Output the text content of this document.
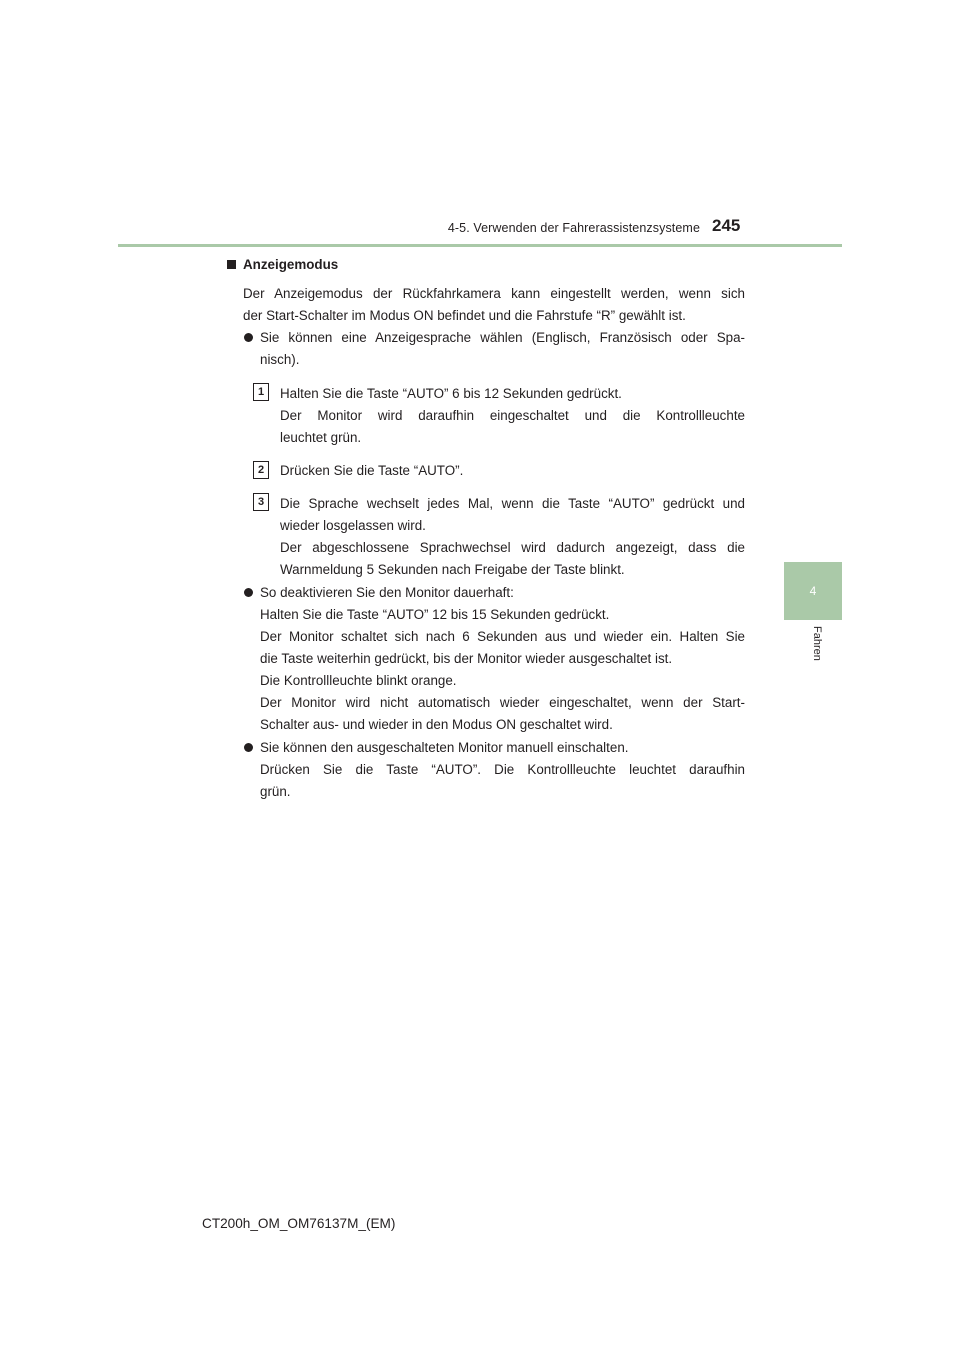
4-5. Verwenden der Fahrerassistenzsysteme 245
4
Fahren
Anzeigemodus
Der Anzeigemodus der Rückfahrkamera kann eingestellt werden, wenn sich
der Start-Schalter im Modus ON befindet und die Fahrstufe “R” gewählt ist.
Sie können eine Anzeigesprache wählen (Englisch, Französisch oder Spa-
nisch).
1	Halten Sie die Taste “AUTO” 6 bis 12 Sekunden gedrückt.
Der Monitor wird daraufhin eingeschaltet und die Kontrollleuchte
leuchtet grün.
2	Drücken Sie die Taste “AUTO”.
3	Die Sprache wechselt jedes Mal, wenn die Taste “AUTO” gedrückt und
wieder losgelassen wird.
Der abgeschlossene Sprachwechsel wird dadurch angezeigt, dass die
Warnmeldung 5 Sekunden nach Freigabe der Taste blinkt.
So deaktivieren Sie den Monitor dauerhaft:
Halten Sie die Taste “AUTO” 12 bis 15 Sekunden gedrückt.
Der Monitor schaltet sich nach 6 Sekunden aus und wieder ein. Halten Sie
die Taste weiterhin gedrückt, bis der Monitor wieder ausgeschaltet ist.
Die Kontrollleuchte blinkt orange.
Der Monitor wird nicht automatisch wieder eingeschaltet, wenn der Start-
Schalter aus- und wieder in den Modus ON geschaltet wird.
Sie können den ausgeschalteten Monitor manuell einschalten.
Drücken Sie die Taste “AUTO”. Die Kontrollleuchte leuchtet daraufhin
grün.
CT200h_OM_OM76137M_(EM)
